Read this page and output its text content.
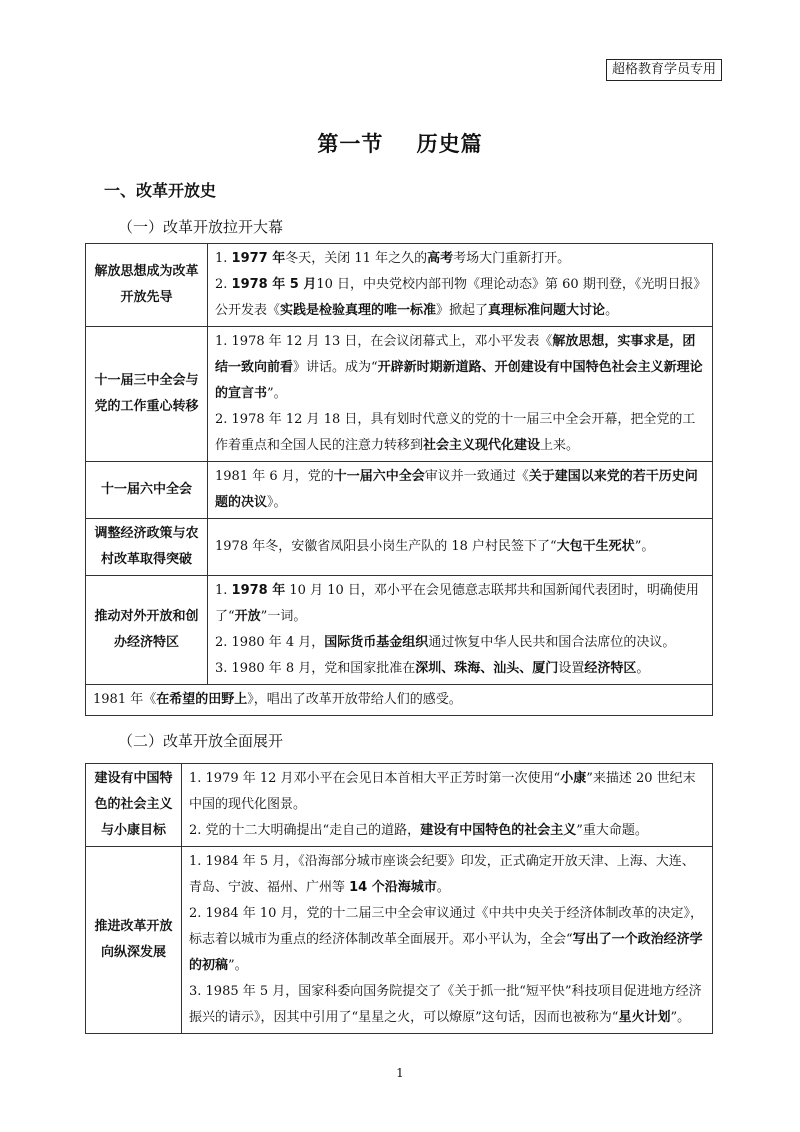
超格教育学员专用
第一节    历史篇
一、改革开放史
（一）改革开放拉开大幕
解放思想成为改革开放先导	1. 1977 年冬天，关闭 11 年之久的高考考场大门重新打开。
2. 1978 年 5 月10 日，中央党校内部刊物《理论动态》第 60 期刊登，《光明日报》公开发表《实践是检验真理的唯一标准》掀起了真理标准问题大讨论。

十一届三中全会与党的工作重心转移	1. 1978 年 12 月 13 日，在会议闭幕式上，邓小平发表《解放思想，实事求是，团结一致向前看》讲话。成为“开辟新时期新道路、开创建设有中国特色社会主义新理论的宣言书”。
2. 1978 年 12 月 18 日，具有划时代意义的党的十一届三中全会开幕，把全党的工作着重点和全国人民的注意力转移到社会主义现代化建设上来。

十一届六中全会	1981 年 6 月，党的十一届六中全会审议并一致通过《关于建国以来党的若干历史问题的决议》。

调整经济政策与农村改革取得突破	1978 年冬，安徽省凤阳县小岗生产队的 18 户村民签下了“大包干生死状”。

推动对外开放和创办经济特区	1. 1978 年 10 月 10 日，邓小平在会见德意志联邦共和国新闻代表团时，明确使用了“开放”一词。
2. 1980 年 4 月，国际货币基金组织通过恢复中华人民共和国合法席位的决议。
3. 1980 年 8 月，党和国家批准在深圳、珠海、汕头、厦门设置经济特区。

1981 年《在希望的田野上》，唱出了改革开放带给人们的感受。	
（二）改革开放全面展开
建设有中国特色的社会主义与小康目标	1. 1979 年 12 月邓小平在会见日本首相大平正芳时第一次使用“小康”来描述 20 世纪末中国的现代化图景。
2. 党的十二大明确提出“走自己的道路，建设有中国特色的社会主义”重大命题。

推进改革开放向纵深发展	1. 1984 年 5 月，《沿海部分城市座谈会纪要》印发，正式确定开放天津、上海、大连、青岛、宁波、福州、广州等 14 个沿海城市。
2. 1984 年 10 月，党的十二届三中全会审议通过《中共中央关于经济体制改革的决定》，标志着以城市为重点的经济体制改革全面展开。邓小平认为，全会“写出了一个政治经济学的初稿”。
3. 1985 年 5 月，国家科委向国务院提交了《关于抓一批“短平快”科技项目促进地方经济振兴的请示》，因其中引用了“星星之火，可以燎原”这句话，因而也被称为“星火计划”。
1
